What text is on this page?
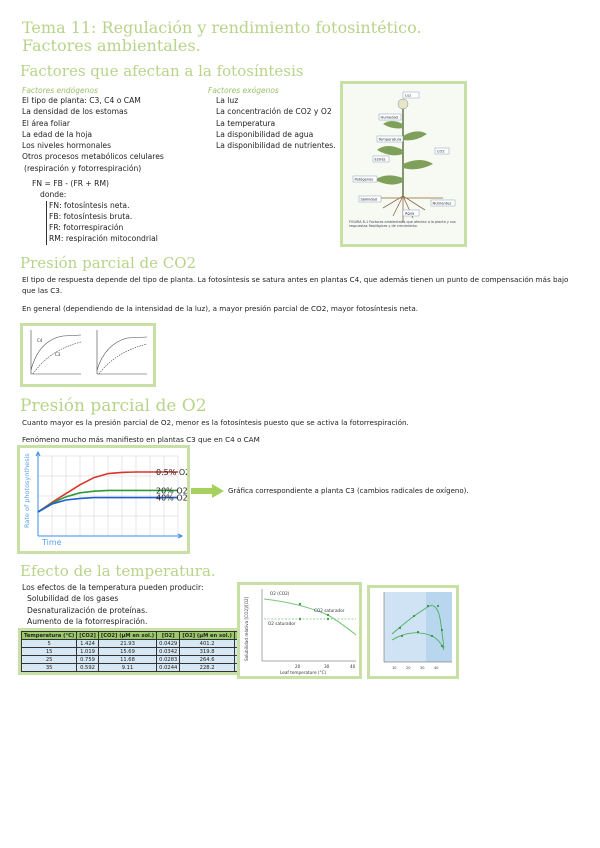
Tema 11: Regulación y rendimiento fotosintético.
Factores ambientales.
Factores que afectan a la fotosíntesis
Factores endógenos
El tipo de planta: C3, C4 o CAM
La densidad de los estomas
El área foliar
La edad de la hoja
Los niveles hormonales
Otros procesos metabólicos celulares
(respiración y fotorrespiración)
FN = FB - (FR + RM)
donde:
FN: fotosíntesis neta.
FB: fotosíntesis bruta.
FR: fotorrespiración
RM: respiración mitocondrial
Factores exógenos
La luz
La concentración de CO2 y O2
La temperatura
La disponibilidad de agua
La disponibilidad de nutrientes.
Luz
Humedad
Temperatura
CO2
Estrés
Patógenos
Nutrientes
Salinidad
Agua
FIGURA 8-1 Factores ambientales que afectan a la planta y sus respuestas fisiológicas y de crecimiento.
Presión parcial de CO2
El tipo de respuesta depende del tipo de planta. La fotosíntesis se satura antes en plantas C4, que además tienen un punto de compensación más bajo que las C3.
En general (dependiendo de la intensidad de la luz), a mayor presión parcial de CO2, mayor fotosíntesis neta.
C4
C3
Presión parcial de O2
Cuanto mayor es la presión parcial de O2, menor es la fotosíntesis puesto que se activa la fotorrespiración.
Fenómeno mucho más manifiesto en plantas C3 que en C4 o CAM
0.5% O2
20% O2
40% O2
Time
Rate of photosynthesis	Gráfica correspondiente a planta C3 (cambios radicales de oxígeno).
Efecto de la temperatura.
Los efectos de la temperatura pueden producir:
Solubilidad de los gases
Desnaturalización de proteínas.
Aumento de la fotorrespiración.
Temperatura (°C)	[CO2]	[CO2] (µM en sol.)	[O2]	[O2] (µM en sol.)	
5	1.424	21.93	0.0429	401.2	
15	1.019	15.69	0.0342	319.8	
25	0.759	11.68	0.0283	264.6	
35	0.592	9.11	0.0244	228.2	
O2 (CO2)
CO2 saturador
O2 saturador
20	30	40
Leaf temperature (°C)
Solubilidad relativa [CO2]/[O2]
10	20	30	40
